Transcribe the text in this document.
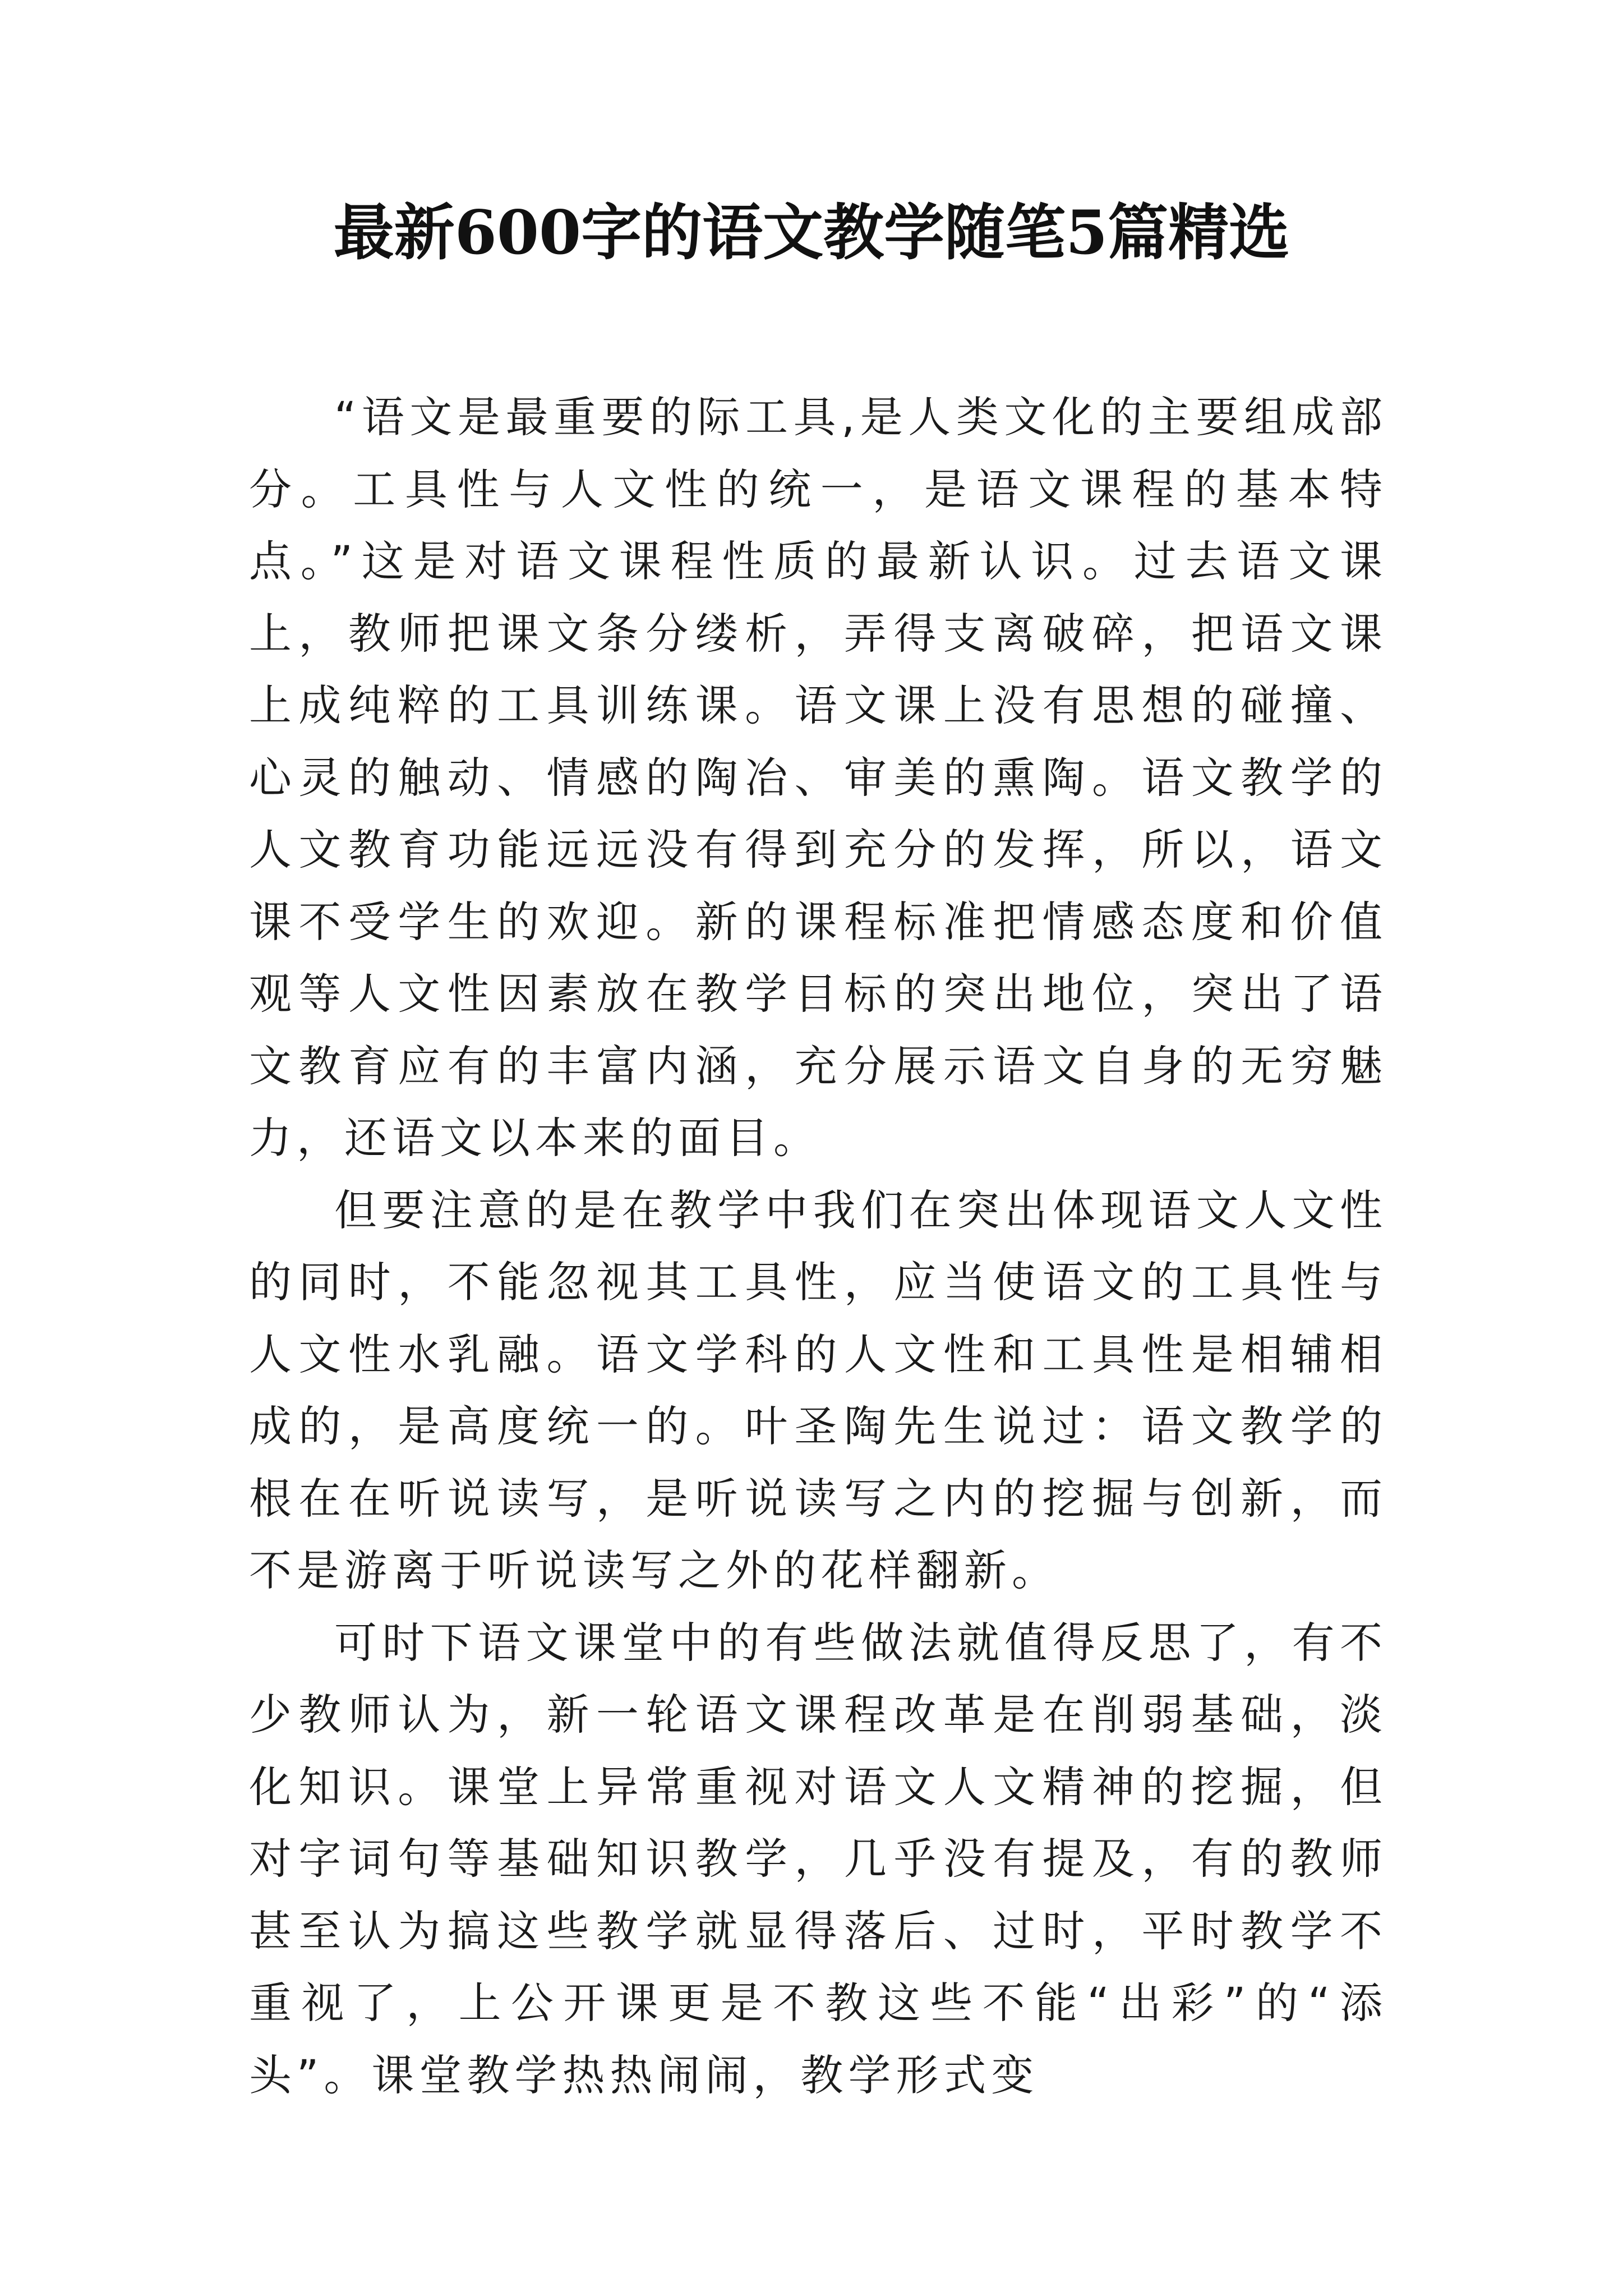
最新600字的语文教学随笔5篇精选

“语文是最重要的际工具,是人类文化的主要组成部分。工具性与人文性的统一，是语文课程的基本特点。”这是对语文课程性质的最新认识。过去语文课上，教师把课文条分缕析，弄得支离破碎，把语文课上成纯粹的工具训练课。语文课上没有思想的碰撞、心灵的触动、情感的陶冶、审美的熏陶。语文教学的人文教育功能远远没有得到充分的发挥，所以，语文课不受学生的欢迎。新的课程标准把情感态度和价值观等人文性因素放在教学目标的突出地位，突出了语文教育应有的丰富内涵，充分展示语文自身的无穷魅力，还语文以本来的面目。

但要注意的是在教学中我们在突出体现语文人文性的同时，不能忽视其工具性，应当使语文的工具性与人文性水乳融。语文学科的人文性和工具性是相辅相成的，是高度统一的。叶圣陶先生说过：语文教学的根在在听说读写，是听说读写之内的挖掘与创新，而不是游离于听说读写之外的花样翻新。

可时下语文课堂中的有些做法就值得反思了，有不少教师认为，新一轮语文课程改革是在削弱基础，淡化知识。课堂上异常重视对语文人文精神的挖掘，但对字词句等基础知识教学，几乎没有提及，有的教师甚至认为搞这些教学就显得落后、过时，平时教学不重视了，上公开课更是不教这些不能“出彩”的“添头”。课堂教学热热闹闹，教学形式变
